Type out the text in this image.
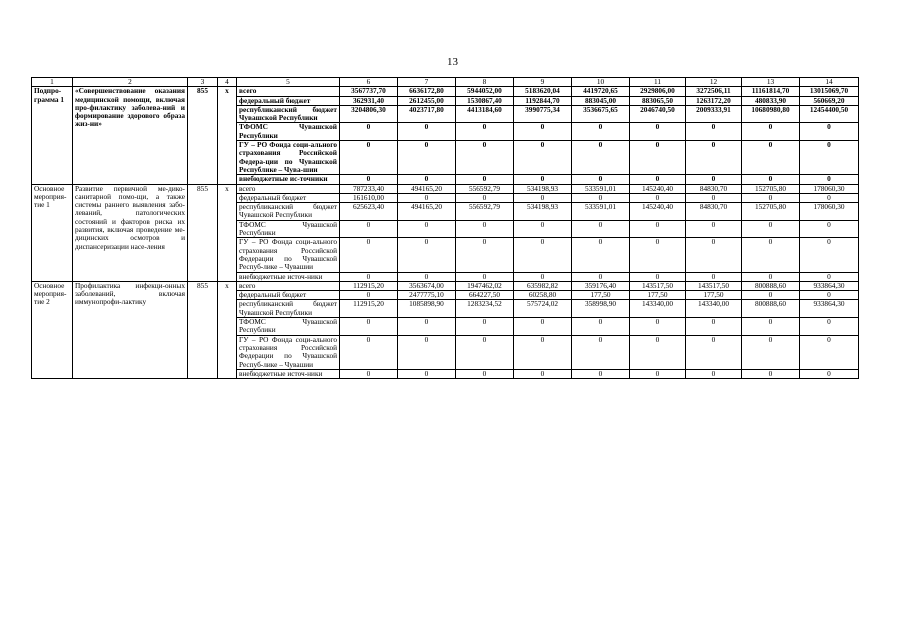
13
1	2	3	4	5	6	7	8	9	10	11	12	13	14
Подпро-грамма 1	«Совершенствование оказания медицинской помощи, включая про-филактику заболева-ний и формирование здорового образа жиз-ни»	855	x	всего	3567737,70	6636172,80	5944052,00	5183620,04	4419720,65	2929806,00	3272506,11	11161814,70	13015069,70
				федеральный бюджет	362931,40	2612455,00	1530867,40	1192844,70	883045,00	883065,50	1263172,20	480833,90	560669,20
				республиканский бюджет Чувашской Республики	3204806,30	4023717,80	4413184,60	3990775,34	3536675,65	2046740,50	2009333,91	10680980,80	12454400,50
				ТФОМС Чувашской Республики	0	0	0	0	0	0	0	0	0
				ГУ – РО Фонда соци-ального страхования Российской Федера-ции по Чувашской Республике – Чува-шии	0	0	0	0	0	0	0	0	0
				внебюджетные ис-точники	0	0	0	0	0	0	0	0	0
Основное мероприя-тие 1	Развитие первичной ме-дико-санитарной помо-щи, а также системы раннего выявления забо-леваний, патологических состояний и факторов риска их развития, включая проведение ме-дицинских осмотров и диспансеризации насе-ления	855	x	всего	787233,40	494165,20	556592,79	534198,93	533591,01	145240,40	84830,70	152705,80	178060,30
				федеральный бюджет	161610,00	0	0	0	0	0	0	0	0
				республиканский бюджет Чувашской Республики	625623,40	494165,20	556592,79	534198,93	533591,01	145240,40	84830,70	152705,80	178060,30
				ТФОМС Чувашской Республики	0	0	0	0	0	0	0	0	0
				ГУ – РО Фонда соци-ального страхования Российской Федерации по Чувашской Респуб-лике – Чувашии	0	0	0	0	0	0	0	0	0
				внебюджетные источ-ники	0	0	0	0	0	0	0	0	0
Основное мероприя-тие 2	Профилактика инфекци-онных заболеваний, включая иммунопрофи-лактику	855	x	всего	112915,20	3563674,00	1947462,02	635982,82	359176,40	143517,50	143517,50	800888,60	933864,30
				федеральный бюджет	0	2477775,10	664227,50	60258,80	177,50	177,50	177,50	0	0
				республиканский бюджет Чувашской Республики	112915,20	1085898,90	1283234,52	575724,02	358998,90	143340,00	143340,00	800888,60	933864,30
				ТФОМС Чувашской Республики	0	0	0	0	0	0	0	0	0
				ГУ – РО Фонда соци-ального страхования Российской Федерации по Чувашской Респуб-лике – Чувашии	0	0	0	0	0	0	0	0	0
				внебюджетные источ-ники	0	0	0	0	0	0	0	0	0
